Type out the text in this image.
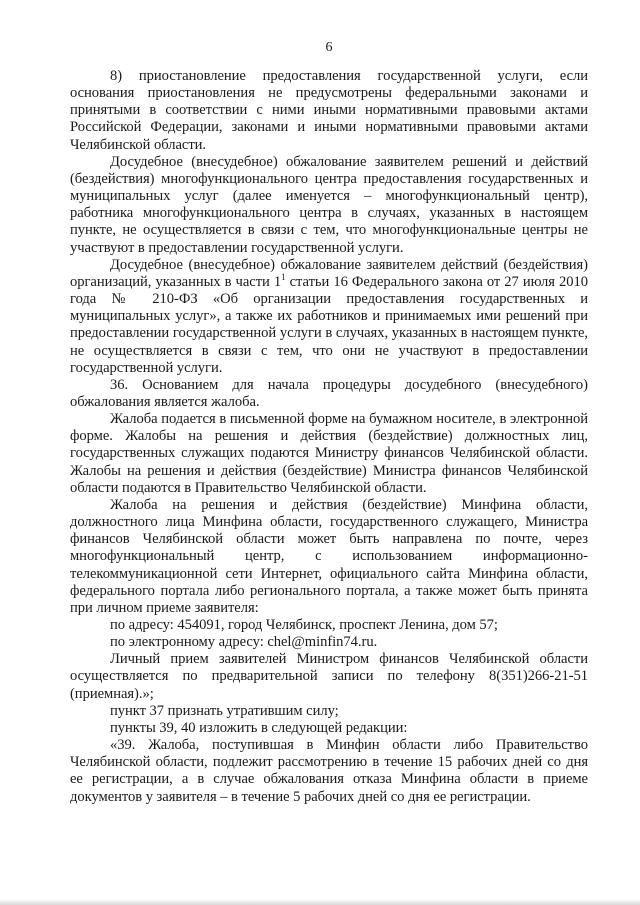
6

8) приостановление предоставления государственной услуги, если основания приостановления не предусмотрены федеральными законами и принятыми в соответствии с ними иными нормативными правовыми актами Российской Федерации, законами и иными нормативными правовыми актами Челябинской области.

Досудебное (внесудебное) обжалование заявителем решений и действий (бездействия) многофункционального центра предоставления государственных и муниципальных услуг (далее именуется – многофункциональный центр), работника многофункционального центра в случаях, указанных в настоящем пункте, не осуществляется в связи с тем, что многофункциональные центры не участвуют в предоставлении государственной услуги.

Досудебное (внесудебное) обжалование заявителем действий (бездействия) организаций, указанных в части $1^1$ статьи 16 Федерального закона от 27 июля 2010 года № 210-ФЗ «Об организации предоставления государственных и муниципальных услуг», а также их работников и принимаемых ими решений при предоставлении государственной услуги в случаях, указанных в настоящем пункте, не осуществляется в связи с тем, что они не участвуют в предоставлении государственной услуги.

36. Основанием для начала процедуры досудебного (внесудебного) обжалования является жалоба.

Жалоба подается в письменной форме на бумажном носителе, в электронной форме. Жалобы на решения и действия (бездействие) должностных лиц, государственных служащих подаются Министру финансов Челябинской области. Жалобы на решения и действия (бездействие) Министра финансов Челябинской области подаются в Правительство Челябинской области.

Жалоба на решения и действия (бездействие) Минфина области, должностного лица Минфина области, государственного служащего, Министра финансов Челябинской области может быть направлена по почте, через многофункциональный центр, с использованием информационно-телекоммуникационной сети Интернет, официального сайта Минфина области, федерального портала либо регионального портала, а также может быть принята при личном приеме заявителя:

по адресу: 454091, город Челябинск, проспект Ленина, дом 57;

по электронному адресу: chel@minfin74.ru.

Личный прием заявителей Министром финансов Челябинской области осуществляется по предварительной записи по телефону 8(351)266-21-51 (приемная).»;

пункт 37 признать утратившим силу;

пункты 39, 40 изложить в следующей редакции:

«39. Жалоба, поступившая в Минфин области либо Правительство Челябинской области, подлежит рассмотрению в течение 15 рабочих дней со дня ее регистрации, а в случае обжалования отказа Минфина области в приеме документов у заявителя – в течение 5 рабочих дней со дня ее регистрации.
